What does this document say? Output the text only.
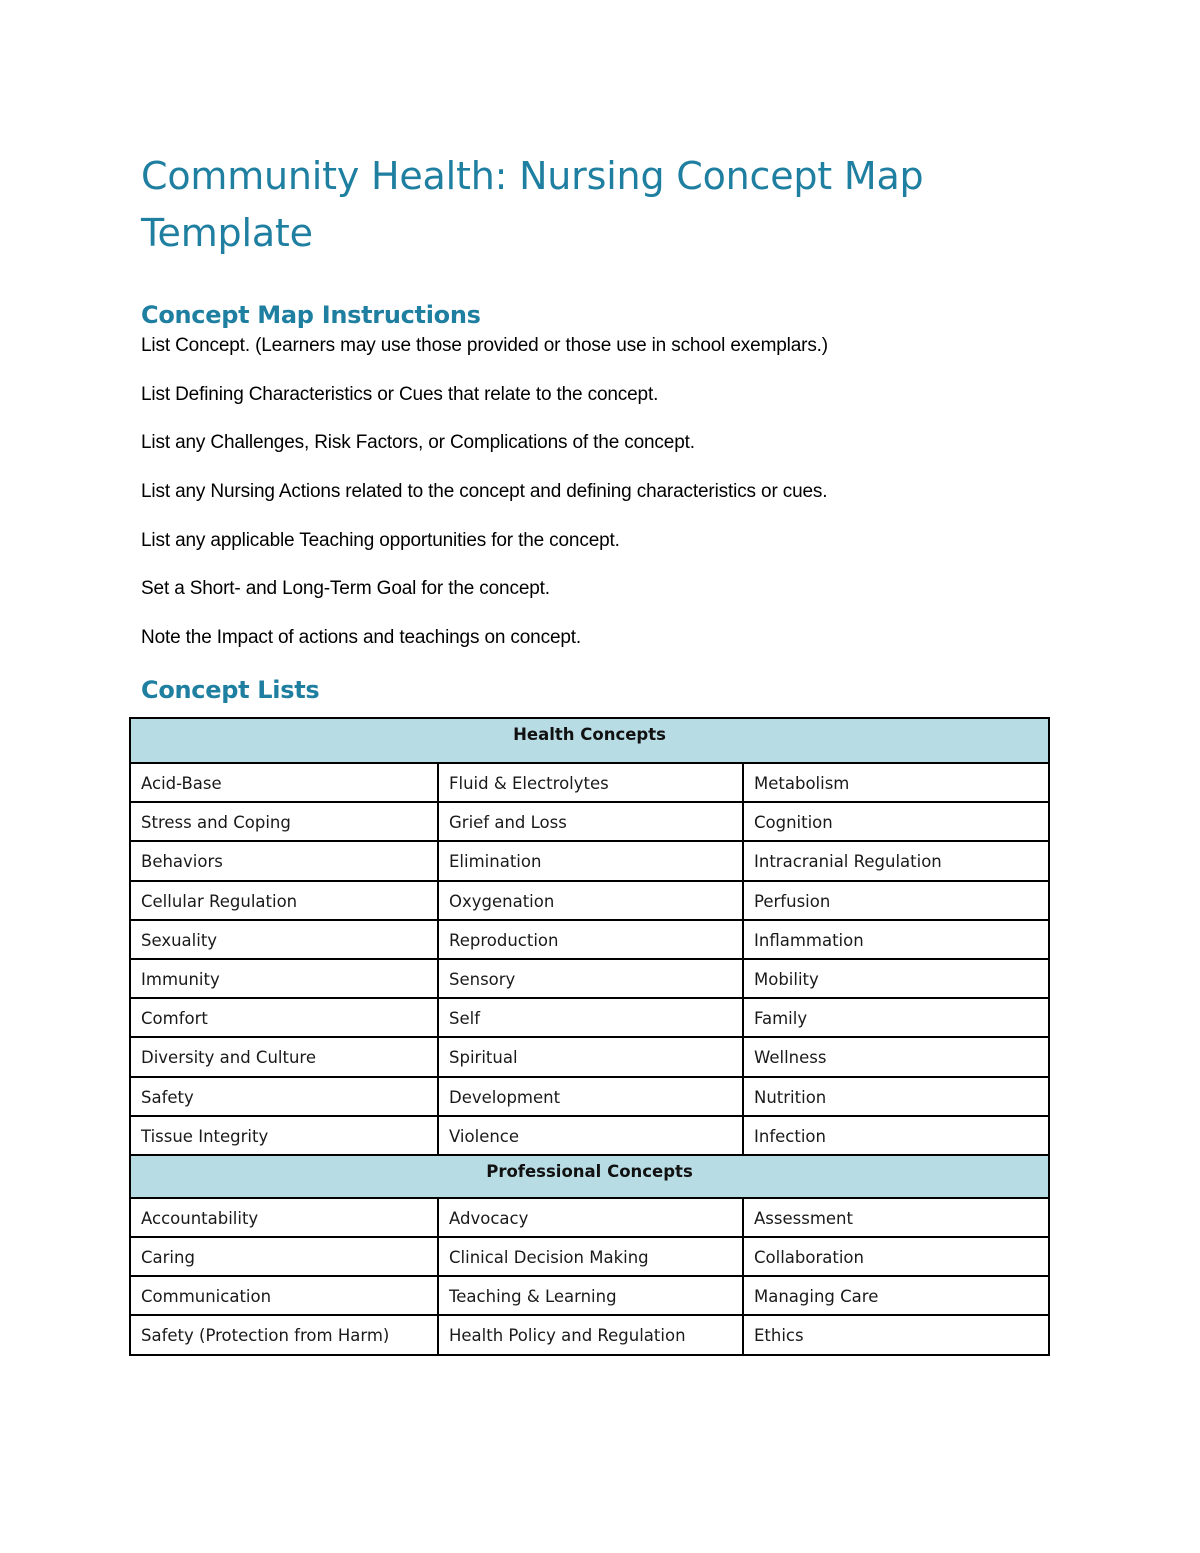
Community Health: Nursing Concept Map
Template
Concept Map Instructions
List Concept. (Learners may use those provided or those use in school exemplars.)
List Defining Characteristics or Cues that relate to the concept.
List any Challenges, Risk Factors, or Complications of the concept.
List any Nursing Actions related to the concept and defining characteristics or cues.
List any applicable Teaching opportunities for the concept.
Set a Short- and Long-Term Goal for the concept.
Note the Impact of actions and teachings on concept.
Concept Lists
Health Concepts		
Acid-Base	Fluid & Electrolytes	Metabolism
Stress and Coping	Grief and Loss	Cognition
Behaviors	Elimination	Intracranial Regulation
Cellular Regulation	Oxygenation	Perfusion
Sexuality	Reproduction	Inflammation
Immunity	Sensory	Mobility
Comfort	Self	Family
Diversity and Culture	Spiritual	Wellness
Safety	Development	Nutrition
Tissue Integrity	Violence	Infection
Professional Concepts		
Accountability	Advocacy	Assessment
Caring	Clinical Decision Making	Collaboration
Communication	Teaching & Learning	Managing Care
Safety (Protection from Harm)	Health Policy and Regulation	Ethics
